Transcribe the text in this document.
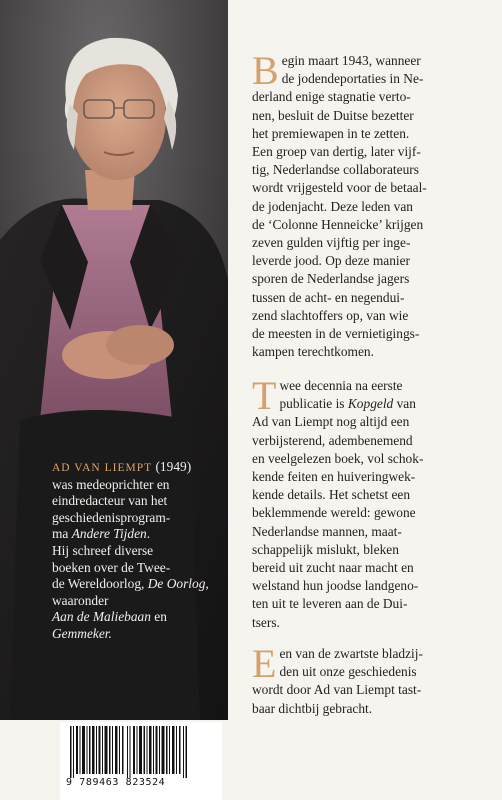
AD VAN LIEMPT (1949)
was medeoprichter en
eindredacteur van het
geschiedenisprogram-
ma Andere Tijden.
Hij schreef diverse
boeken over de Twee-
de Wereldoorlog, De Oorlog,
waaronder
Aan de Maliebaan en
Gemmeker.
B egin maart 1943, wanneer
de jodendeportaties in Ne-
derland enige stagnatie verto-
nen, besluit de Duitse bezetter
het premiewapen in te zetten.
Een groep van dertig, later vijf-
tig, Nederlandse collaborateurs
wordt vrijgesteld voor de betaal-
de jodenjacht. Deze leden van
de ‘Colonne Henneicke’ krijgen
zeven gulden vijftig per inge-
leverde jood. Op deze manier
sporen de Nederlandse jagers
tussen de acht- en negendui-
zend slachtoffers op, van wie
de meesten in de vernietigings-
kampen terechtkomen.
T wee decennia na eerste
publicatie is Kopgeld van
Ad van Liempt nog altijd een
verbijsterend, adembenemend
en veelgelezen boek, vol schok-
kende feiten en huiveringwek-
kende details. Het schetst een
beklemmende wereld: gewone
Nederlandse mannen, maat-
schappelijk mislukt, bleken
bereid uit zucht naar macht en
welstand hun joodse landgeno-
ten uit te leveren aan de Dui-
tsers.
E en van de zwartste bladzij-
den uit onze geschiedenis
wordt door Ad van Liempt tast-
baar dichtbij gebracht.
9 789463 823524
